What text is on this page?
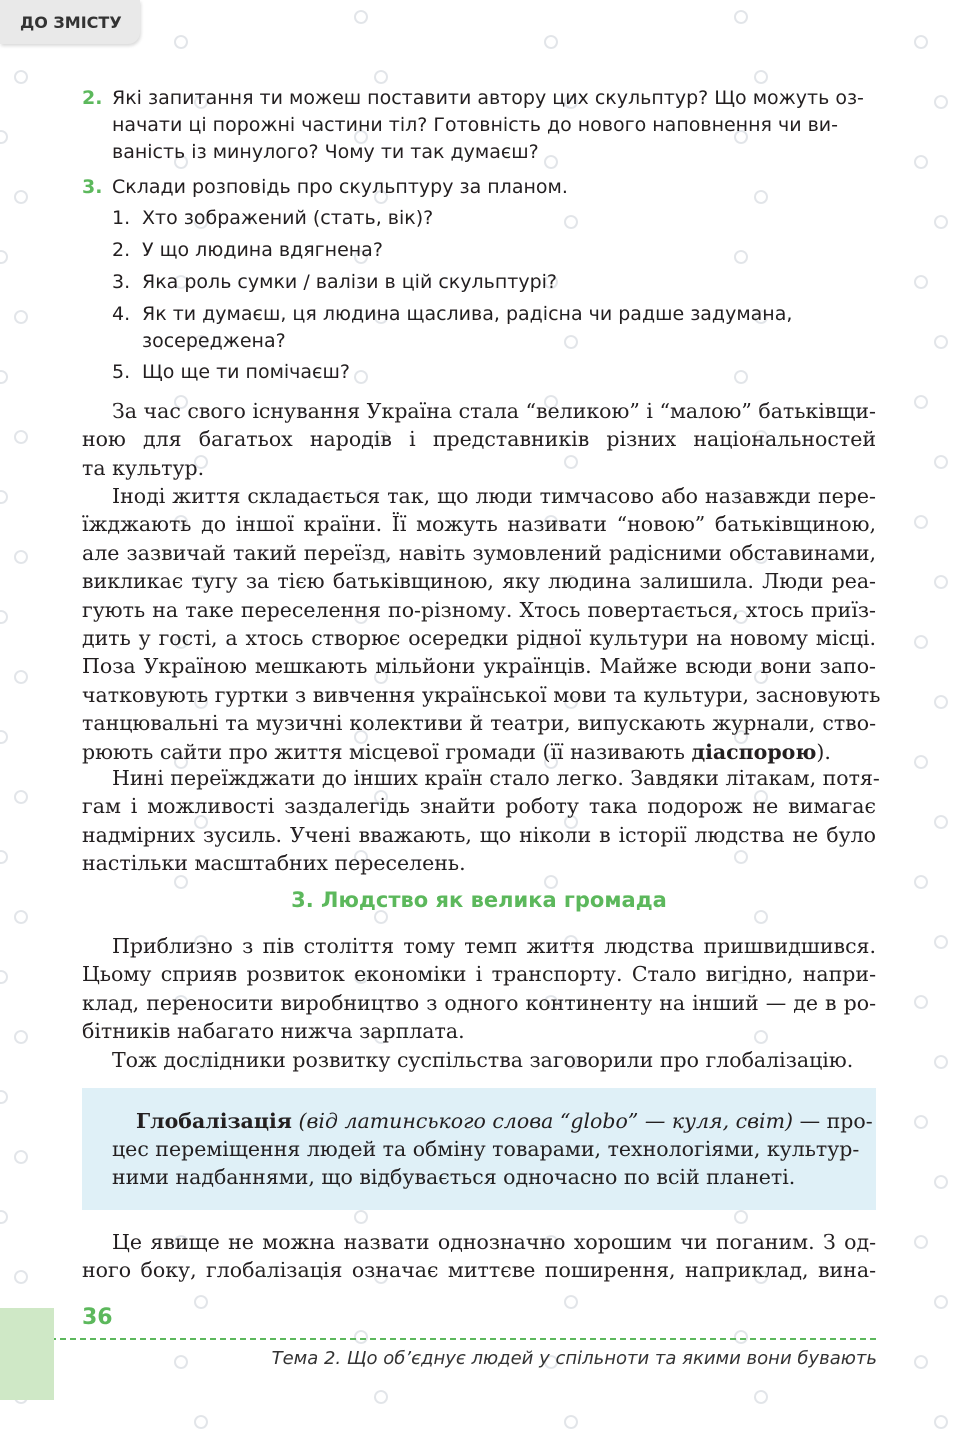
ДО ЗМІСТУ
2. Які запитання ти можеш поставити автору цих скульптур? Що можуть оз-
начати ці порожні частини тіл? Готовність до нового наповнення чи ви-
ваність із минулого? Чому ти так думаєш?
3. Склади розповідь про скульптуру за планом.
1. Хто зображений (стать, вік)?
2. У що людина вдягнена?
3. Яка роль сумки / валізи в цій скульптурі?
4. Як ти думаєш, ця людина щаслива, радісна чи радше задумана,
зосереджена?
5. Що ще ти помічаєш?
За час свого існування Україна стала “великою” і “малою” батьківщи-
ною для багатьох народів і представників різних національностей
та культур.
Іноді життя складається так, що люди тимчасово або назавжди пере-
їжджають до іншої країни. Її можуть називати “новою” батьківщиною,
але зазвичай такий переїзд, навіть зумовлений радісними обставинами,
викликає тугу за тією батьківщиною, яку людина залишила. Люди реа-
гують на таке переселення по-різному. Хтось повертається, хтось приїз-
дить у гості, а хтось створює осередки рідної культури на новому місці.
Поза Україною мешкають мільйони українців. Майже всюди вони запо-
чатковують гуртки з вивчення української мови та культури, засновують
танцювальні та музичні колективи й театри, випускають журнали, ство-
рюють сайти про життя місцевої громади (її називають діаспорою).
Нині переїжджати до інших країн стало легко. Завдяки літакам, потя-
гам і можливості заздалегідь знайти роботу така подорож не вимагає
надмірних зусиль. Учені вважають, що ніколи в історії людства не було
настільки масштабних переселень.
3. Людство як велика громада
Приблизно з пів століття тому темп життя людства пришвидшився.
Цьому сприяв розвиток економіки і транспорту. Стало вигідно, напри-
клад, переносити виробництво з одного континенту на інший — де в ро-
бітників набагато нижча зарплата.
Тож дослідники розвитку суспільства заговорили про глобалізацію.
Глобалізація (від латинського слова “globo” — куля, світ) — про-
цес переміщення людей та обміну товарами, технологіями, культур-
ними надбаннями, що відбувається одночасно по всій планеті.
Це явище не можна назвати однозначно хорошим чи поганим. З од-
ного боку, глобалізація означає миттєве поширення, наприклад, вина-
36
Тема 2. Що об’єднує людей у спільноти та якими вони бувають
